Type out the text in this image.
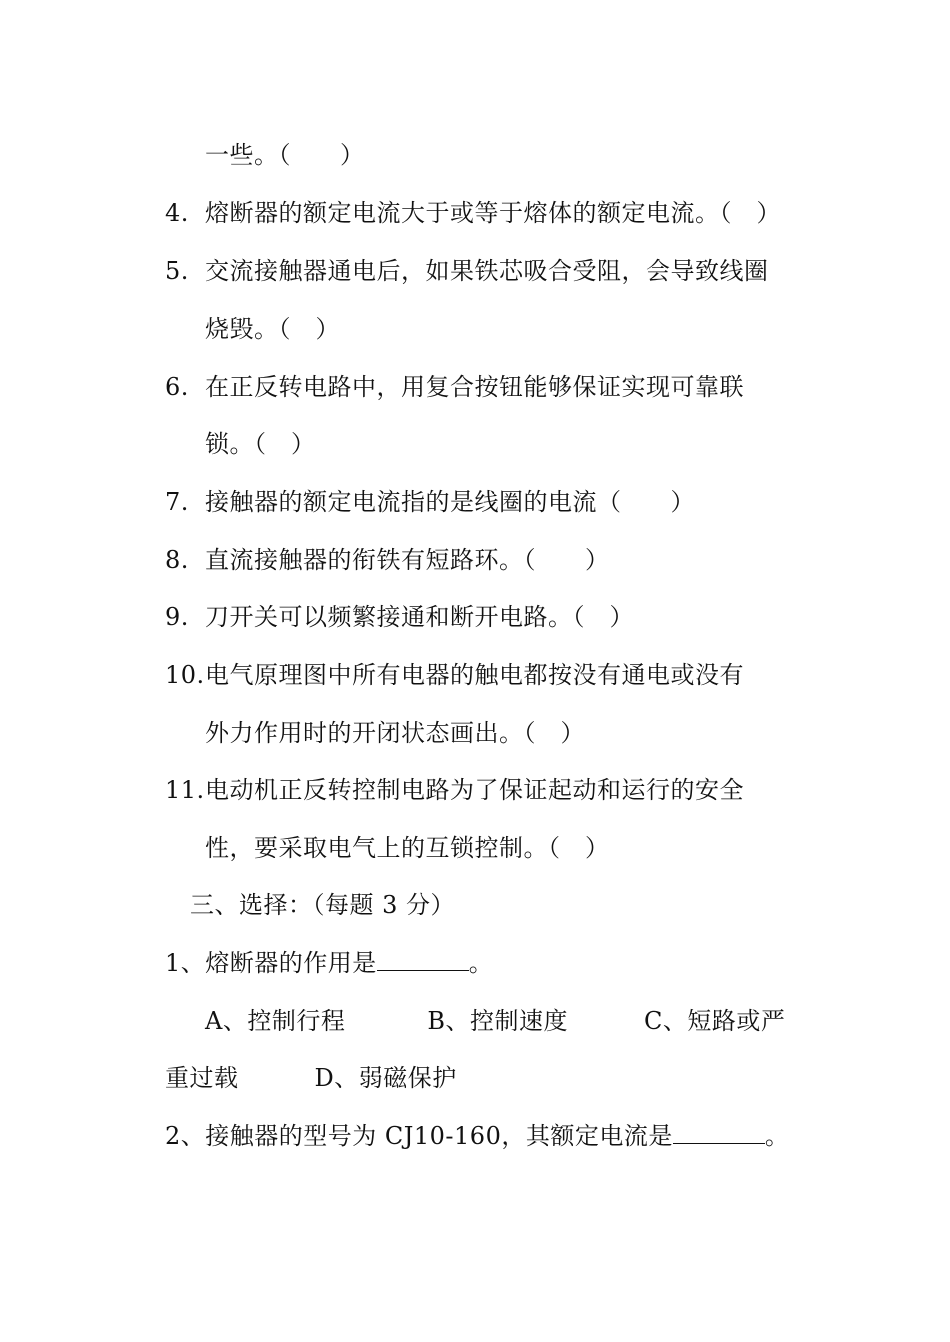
一些。（　　）
4. 熔断器的额定电流大于或等于熔体的额定电流。（　）
5. 交流接触器通电后，如果铁芯吸合受阻，会导致线圈
烧毁。（　）
6. 在正反转电路中，用复合按钮能够保证实现可靠联
锁。（　）
7. 接触器的额定电流指的是线圈的电流（　　）
8. 直流接触器的衔铁有短路环。（　　）
9. 刀开关可以频繁接通和断开电路。（　）
10.电气原理图中所有电器的触电都按没有通电或没有
外力作用时的开闭状态画出。（　）
11.电动机正反转控制电路为了保证起动和运行的安全
性，要采取电气上的互锁控制。（　）
三、选择：（每题 3 分）
1、熔断器的作用是	。
A、控制行程	B、控制速度	C、短路或严
重过载	D、弱磁保护
2、接触器的型号为 CJ10-160，其额定电流是	。
